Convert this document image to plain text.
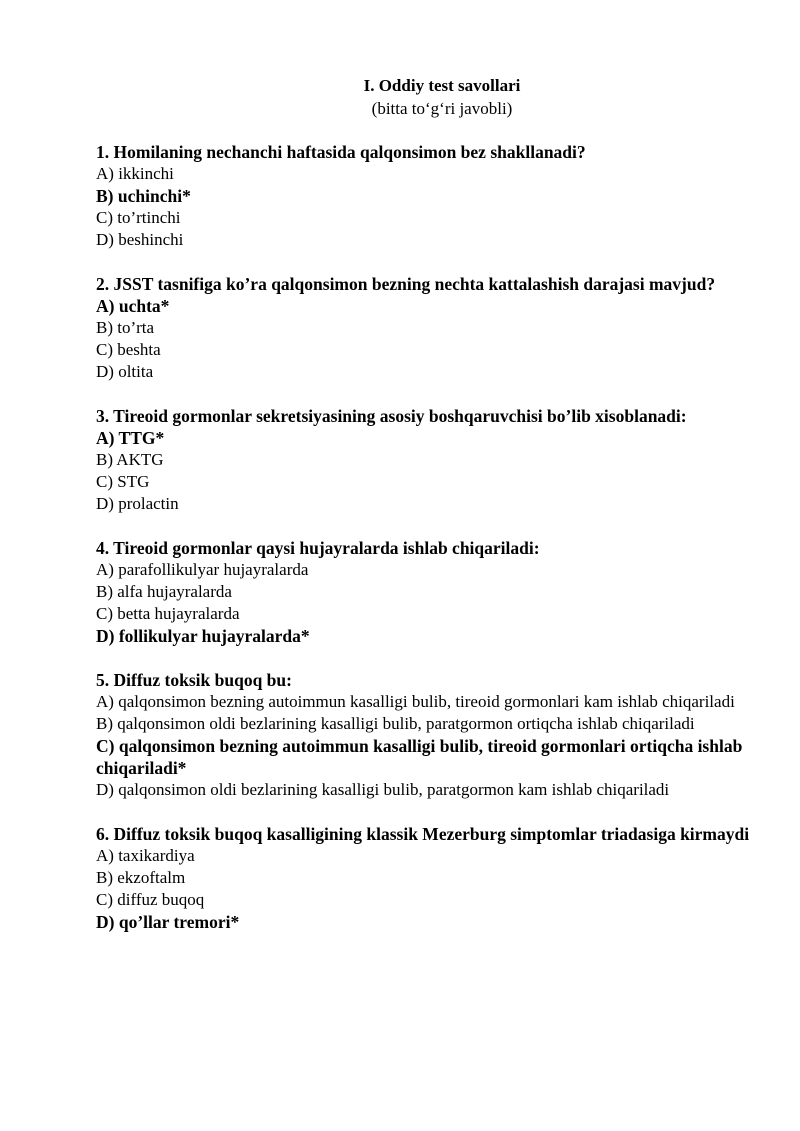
I. Oddiy test savollari
(bitta to‘g‘ri javobli)
1. Homilaning nechanchi haftasida qalqonsimon bez shakllanadi?
A) ikkinchi
B) uchinchi*
C) to’rtinchi
D) beshinchi
2. JSST tasnifiga ko’ra qalqonsimon bezning nechta kattalashish darajasi mavjud?
A) uchta*
B) to’rta
C) beshta
D) oltita
3. Tireoid gormonlar sekretsiyasining asosiy boshqaruvchisi bo’lib xisoblanadi:
A) TTG*
B) AKTG
C) STG
D) prolactin
4. Tireoid gormonlar qaysi hujayralarda ishlab chiqariladi:
A) parafollikulyar hujayralarda
B) alfa hujayralarda
C) betta hujayralarda
D) follikulyar hujayralarda*
5. Diffuz toksik buqoq bu:
A) qalqonsimon bezning autoimmun kasalligi bulib, tireoid gormonlari kam ishlab chiqariladi
B) qalqonsimon oldi bezlarining kasalligi bulib, paratgormon ortiqcha ishlab chiqariladi
C) qalqonsimon bezning autoimmun kasalligi bulib, tireoid gormonlari ortiqcha ishlab chiqariladi*
D) qalqonsimon oldi bezlarining kasalligi bulib, paratgormon kam ishlab chiqariladi
6. Diffuz toksik buqoq kasalligining klassik Mezerburg simptomlar triadasiga kirmaydi
A) taxikardiya
B) ekzoftalm
C) diffuz buqoq
D) qo’llar tremori*
